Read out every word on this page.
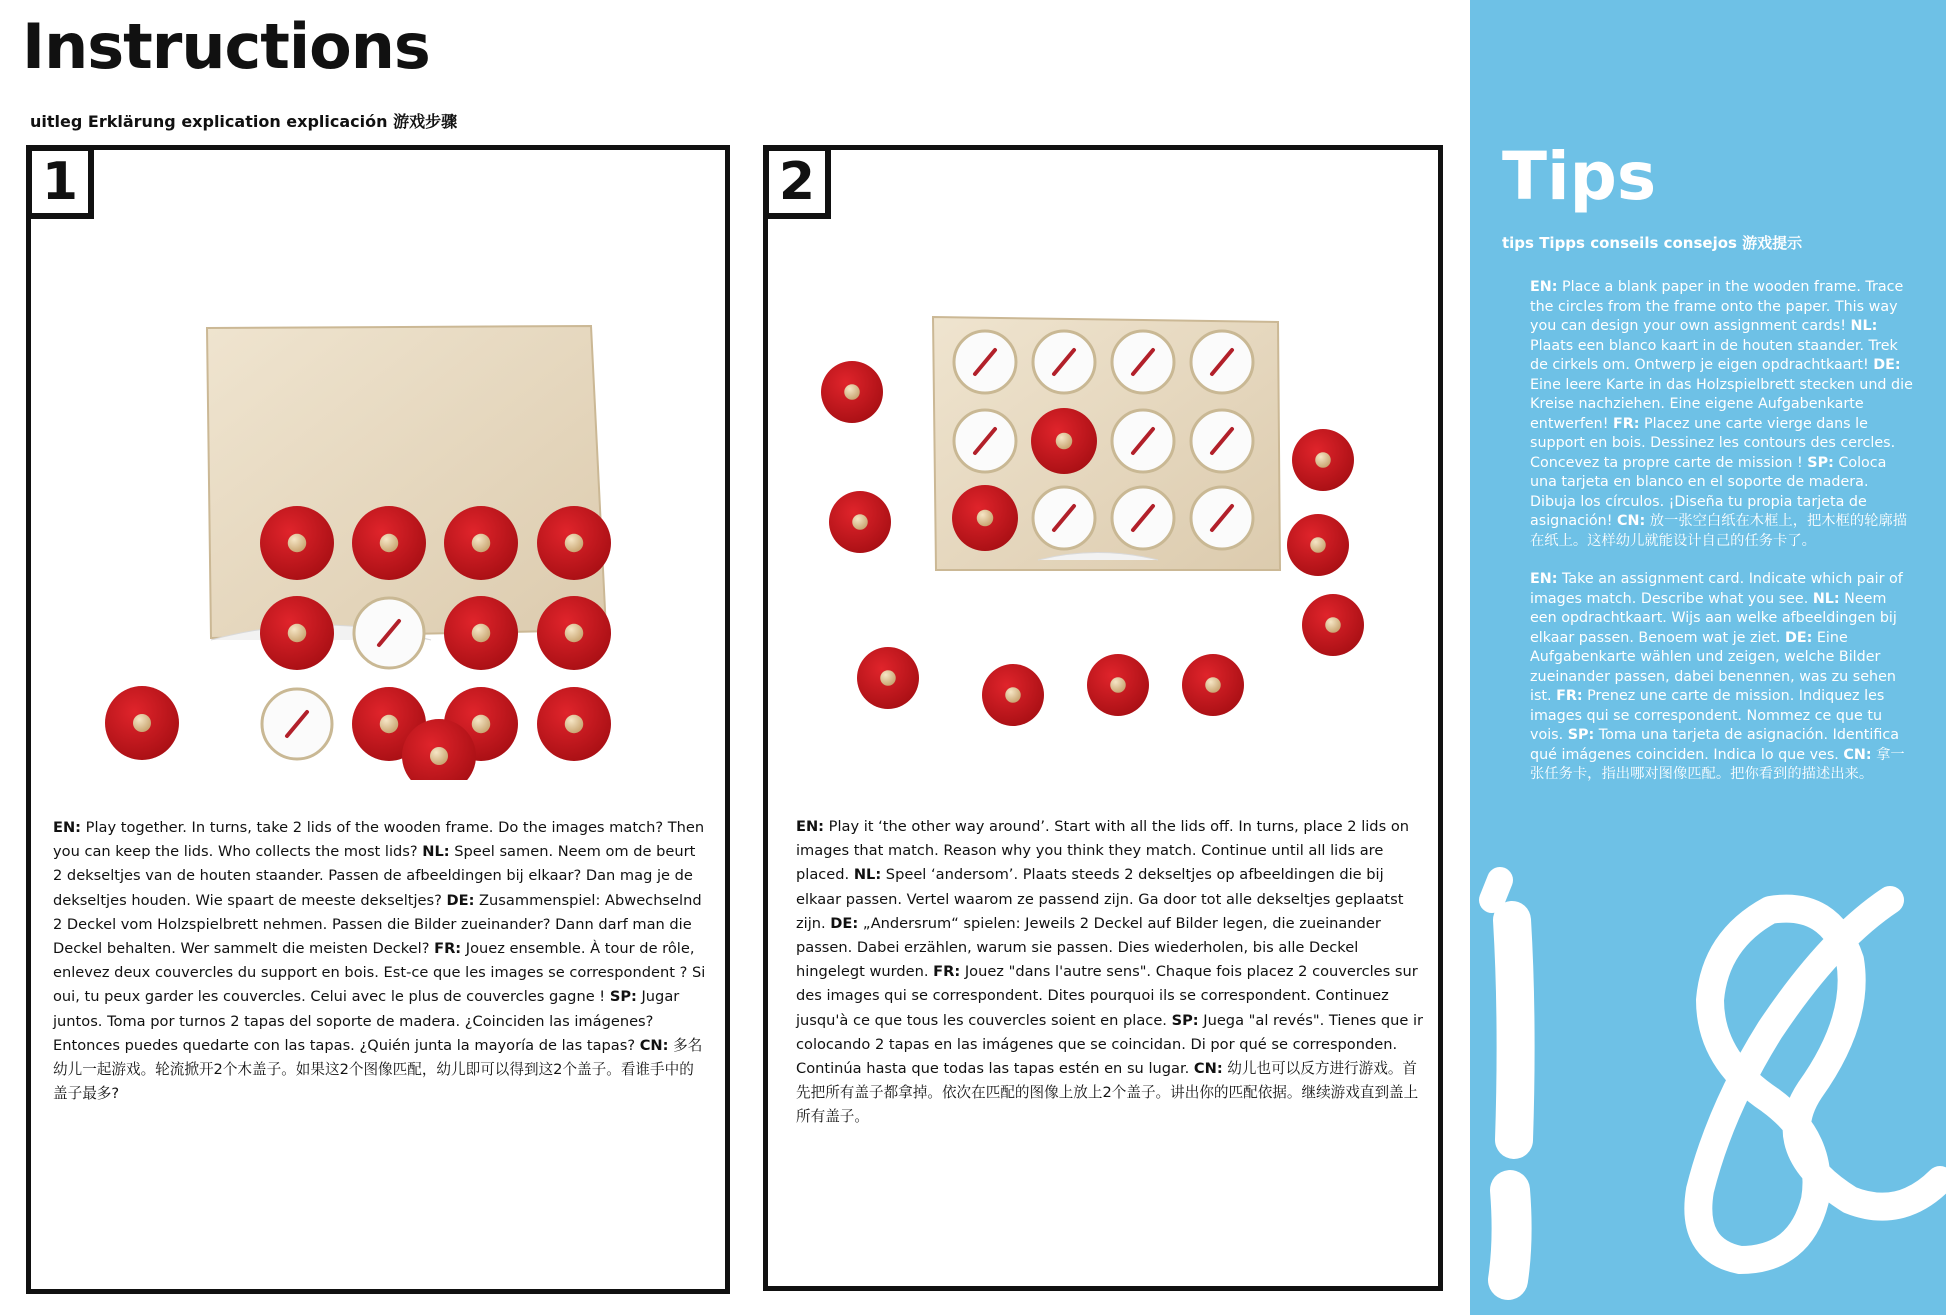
Instructions
uitleg Erklärung explication explicación 游戏步骤
1

EN: Play together. In turns, take 2 lids of the wooden frame. Do the images match? Then you can keep the lids. Who collects the most lids? NL: Speel samen. Neem om de beurt 2 dekseltjes van de houten staander. Passen de afbeeldingen bij elkaar? Dan mag je de dekseltjes houden. Wie spaart de meeste dekseltjes? DE: Zusammenspiel: Abwechselnd 2 Deckel vom Holzspielbrett nehmen. Passen die Bilder zueinander? Dann darf man die Deckel behalten. Wer sammelt die meisten Deckel? FR: Jouez ensemble. À tour de rôle, enlevez deux couvercles du support en bois. Est-ce que les images se correspondent ? Si oui, tu peux garder les couvercles. Celui avec le plus de couvercles gagne ! SP: Jugar juntos. Toma por turnos 2 tapas del soporte de madera. ¿Coinciden las imágenes? Entonces puedes quedarte con las tapas. ¿Quién junta la mayoría de las tapas? CN: 多名幼儿一起游戏。轮流掀开2个木盖子。如果这2个图像匹配，幼儿即可以得到这2个盖子。看谁手中的盖子最多?

2

EN: Play it ‘the other way around’. Start with all the lids off. In turns, place 2 lids on images that match. Reason why you think they match. Continue until all lids are placed. NL: Speel ‘andersom’. Plaats steeds 2 dekseltjes op afbeeldingen die bij elkaar passen. Vertel waarom ze passend zijn. Ga door tot alle dekseltjes geplaatst zijn. DE: „Andersrum“ spielen: Jeweils 2 Deckel auf Bilder legen, die zueinander passen. Dabei erzählen, warum sie passen. Dies wiederholen, bis alle Deckel hingelegt wurden. FR: Jouez "dans l'autre sens". Chaque fois placez 2 couvercles sur des images qui se correspondent. Dites pourquoi ils se correspondent. Continuez jusqu'à ce que tous les couvercles soient en place. SP: Juega "al revés". Tienes que ir colocando 2 tapas en las imágenes que se coincidan. Di por qué se corresponden. Continúa hasta que todas las tapas estén en su lugar. CN: 幼儿也可以反方进行游戏。首先把所有盖子都拿掉。依次在匹配的图像上放上2个盖子。讲出你的匹配依据。继续游戏直到盖上所有盖子。

Tips
tips Tipps conseils consejos 游戏提示

EN: Place a blank paper in the wooden frame. Trace the circles from the frame onto the paper. This way you can design your own assignment cards! NL: Plaats een blanco kaart in de houten staander. Trek de cirkels om. Ontwerp je eigen opdrachtkaart! DE: Eine leere Karte in das Holzspielbrett stecken und die Kreise nachziehen. Eine eigene Aufgabenkarte entwerfen! FR: Placez une carte vierge dans le support en bois. Dessinez les contours des cercles. Concevez ta propre carte de mission ! SP: Coloca una tarjeta en blanco en el soporte de madera. Dibuja los círculos. ¡Diseña tu propia tarjeta de asignación! CN: 放一张空白纸在木框上，把木框的轮廓描在纸上。这样幼儿就能设计自己的任务卡了。

EN: Take an assignment card. Indicate which pair of images match. Describe what you see. NL: Neem een opdrachtkaart. Wijs aan welke afbeeldingen bij elkaar passen. Benoem wat je ziet. DE: Eine Aufgabenkarte wählen und zeigen, welche Bilder zueinander passen, dabei benennen, was zu sehen ist. FR: Prenez une carte de mission. Indiquez les images qui se correspondent. Nommez ce que tu vois. SP: Toma una tarjeta de asignación. Identifica qué imágenes coinciden. Indica lo que ves. CN: 拿一张任务卡，指出哪对图像匹配。把你看到的描述出来。
